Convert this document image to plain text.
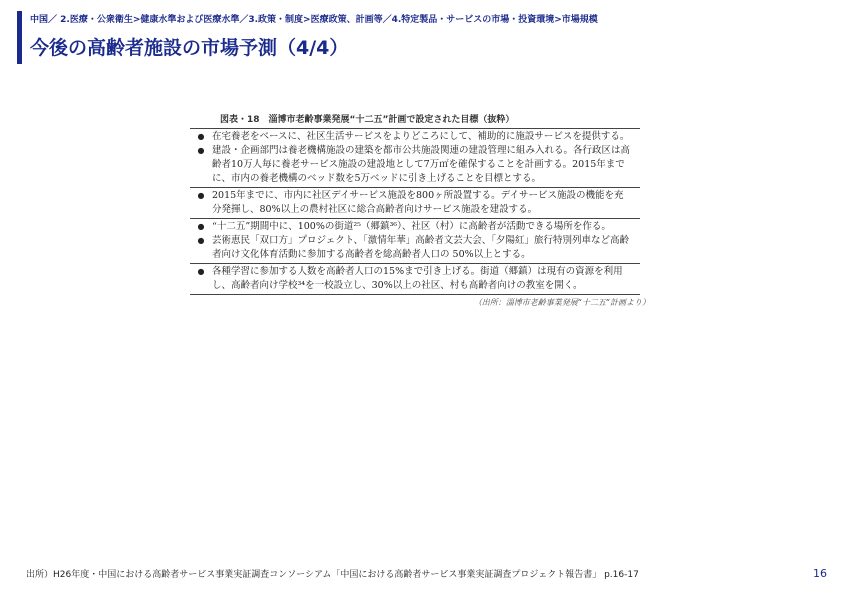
中国／ 2.医療・公衆衛生>健康水準および医療水準／3.政策・制度>医療政策、計画等／4.特定製品・サービスの市場・投資環境>市場規模
今後の高齢者施設の市場予測（4/4）
図表・18　淄博市老齢事業発展“十二五”計画で設定された目標（抜粋）
● 在宅養老をベースに、社区生活サービスをよりどころにして、補助的に施設サービスを提供する。
● 建設・企画部門は養老機構施設の建築を都市公共施設関連の建設管理に組み入れる。各行政区は高齢者10万人毎に養老サービス施設の建設地として7万㎡を確保することを計画する。2015年までに、市内の養老機構のベッド数を5万ベッドに引き上げることを目標とする。
● 2015年までに、市内に社区デイサービス施設を800ヶ所設置する。デイサービス施設の機能を充分発揮し、80%以上の農村社区に総合高齢者向けサービス施設を建設する。
● “十二五”期間中に、100%の街道²⁵（郷鎮³⁶）、社区（村）に高齢者が活動できる場所を作る。
● 芸術恵民「双口方」プロジェクト、「激情年華」高齢者文芸大会、「夕陽紅」旅行特別列車など高齢者向け文化体育活動に参加する高齢者を総高齢者人口の 50%以上とする。
● 各種学習に参加する人数を高齢者人口の15%まで引き上げる。街道（郷鎮）は現有の資源を利用し、高齢者向け学校³⁴を一校設立し、30%以上の社区、村も高齢者向けの教室を開く。
（出所：淄博市老齢事業発展“十二五”計画より）
出所）H26年度・中国における高齢者サービス事業実証調査コンソーシアム「中国における高齢者サービス事業実証調査プロジェクト報告書」 p.16-17	16
